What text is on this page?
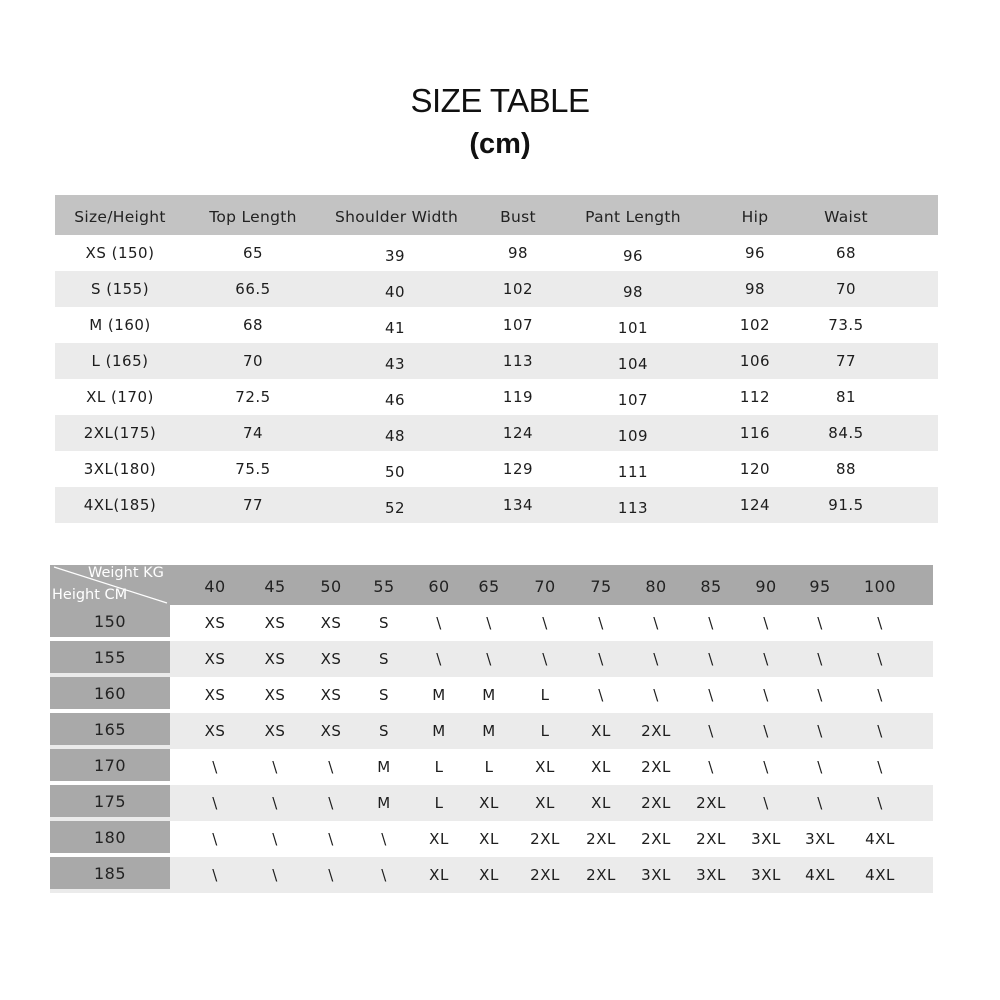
SIZE TABLE
(cm)
Size/Height	Top Length	Shoulder Width	Bust	Pant Length	Hip	Waist
XS (150)	65	39	98	96	96	68
S (155)	66.5	40	102	98	98	70
M (160)	68	41	107	101	102	73.5
L (165)	70	43	113	104	106	77
XL (170)	72.5	46	119	107	112	81
2XL(175)	74	48	124	109	116	84.5
3XL(180)	75.5	50	129	111	120	88
4XL(185)	77	52	134	113	124	91.5
Weight KG
Height CM	40	45	50	55	60	65	70	75	80	85	90	95	100
150	XS	XS	XS	S	\	\	\	\	\	\	\	\	\
155	XS	XS	XS	S	\	\	\	\	\	\	\	\	\
160	XS	XS	XS	S	M	M	L	\	\	\	\	\	\
165	XS	XS	XS	S	M	M	L	XL	2XL	\	\	\	\
170	\	\	\	M	L	L	XL	XL	2XL	\	\	\	\
175	\	\	\	M	L	XL	XL	XL	2XL	2XL	\	\	\
180	\	\	\	\	XL	XL	2XL	2XL	2XL	2XL	3XL	3XL	4XL
185	\	\	\	\	XL	XL	2XL	2XL	3XL	3XL	3XL	4XL	4XL
